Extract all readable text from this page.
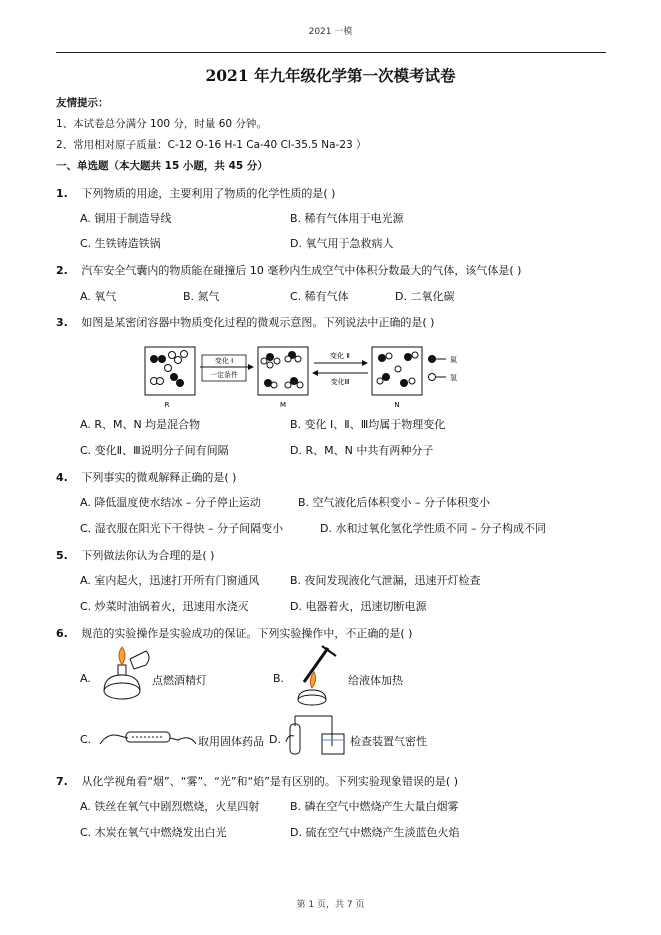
2021 一模
2021 年九年级化学第一次模考试卷
友情提示：
1、本试卷总分满分 100 分，时量 60 分钟。
2、常用相对原子质量：C-12 O-16 H-1 Ca-40 Cl-35.5 Na-23 ）
一、单选题（本大题共 15 小题，共 45 分）
1. 下列物质的用途，主要利用了物质的化学性质的是( )
A. 铜用于制造导线	B. 稀有气体用于电光源
C. 生铁铸造铁锅	D. 氧气用于急救病人
2. 汽车安全气囊内的物质能在碰撞后 10 毫秒内生成空气中体积分数最大的气体，该气体是( )
A. 氧气	B. 氮气	C. 稀有气体	D. 二氧化碳
3. 如图是某密闭容器中物质变化过程的微观示意图。下列说法中正确的是( )
R
变化 Ⅰ
一定条件
M
变化 Ⅱ
变化Ⅲ
N
氮
氢
A. R、M、N 均是混合物	B. 变化 Ⅰ、Ⅱ、Ⅲ均属于物理变化
C. 变化Ⅱ、Ⅲ说明分子间有间隔	D. R、M、N 中共有两种分子
4. 下列事实的微观解释正确的是( )
A. 降低温度使水结冰 – 分子停止运动	B. 空气液化后体积变小 – 分子体积变小
C. 湿衣服在阳光下干得快 – 分子间隔变小	D. 水和过氧化氢化学性质不同 – 分子构成不同
5. 下列做法你认为合理的是( )
A. 室内起火，迅速打开所有门窗通风	B. 夜间发现液化气泄漏，迅速开灯检查
C. 炒菜时油锅着火，迅速用水浇灭	D. 电器着火，迅速切断电源
6. 规范的实验操作是实验成功的保证。下列实验操作中，不正确的是( )
A.	点燃酒精灯	B.	给液体加热
C.	取用固体药品 D.	检查装置气密性
7. 从化学视角看“烟”、“雾”、“光”和“焰”是有区别的。下列实验现象错误的是( )
A. 铁丝在氧气中剧烈燃烧，火星四射	B. 磷在空气中燃烧产生大量白烟雾
C. 木炭在氧气中燃烧发出白光	D. 硫在空气中燃烧产生淡蓝色火焰
第 1 页，共 7 页
